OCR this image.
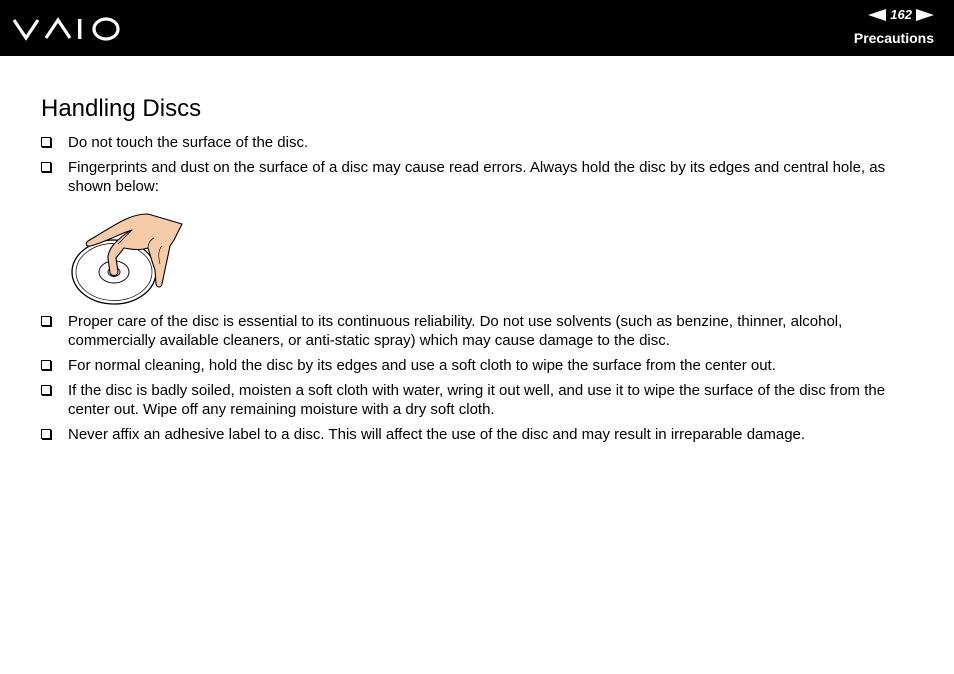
162
Precautions
Handling Discs
Do not touch the surface of the disc.
Fingerprints and dust on the surface of a disc may cause read errors. Always hold the disc by its edges and central hole, as shown below:
Proper care of the disc is essential to its continuous reliability. Do not use solvents (such as benzine, thinner, alcohol, commercially available cleaners, or anti-static spray) which may cause damage to the disc.
For normal cleaning, hold the disc by its edges and use a soft cloth to wipe the surface from the center out.
If the disc is badly soiled, moisten a soft cloth with water, wring it out well, and use it to wipe the surface of the disc from the center out. Wipe off any remaining moisture with a dry soft cloth.
Never affix an adhesive label to a disc. This will affect the use of the disc and may result in irreparable damage.
